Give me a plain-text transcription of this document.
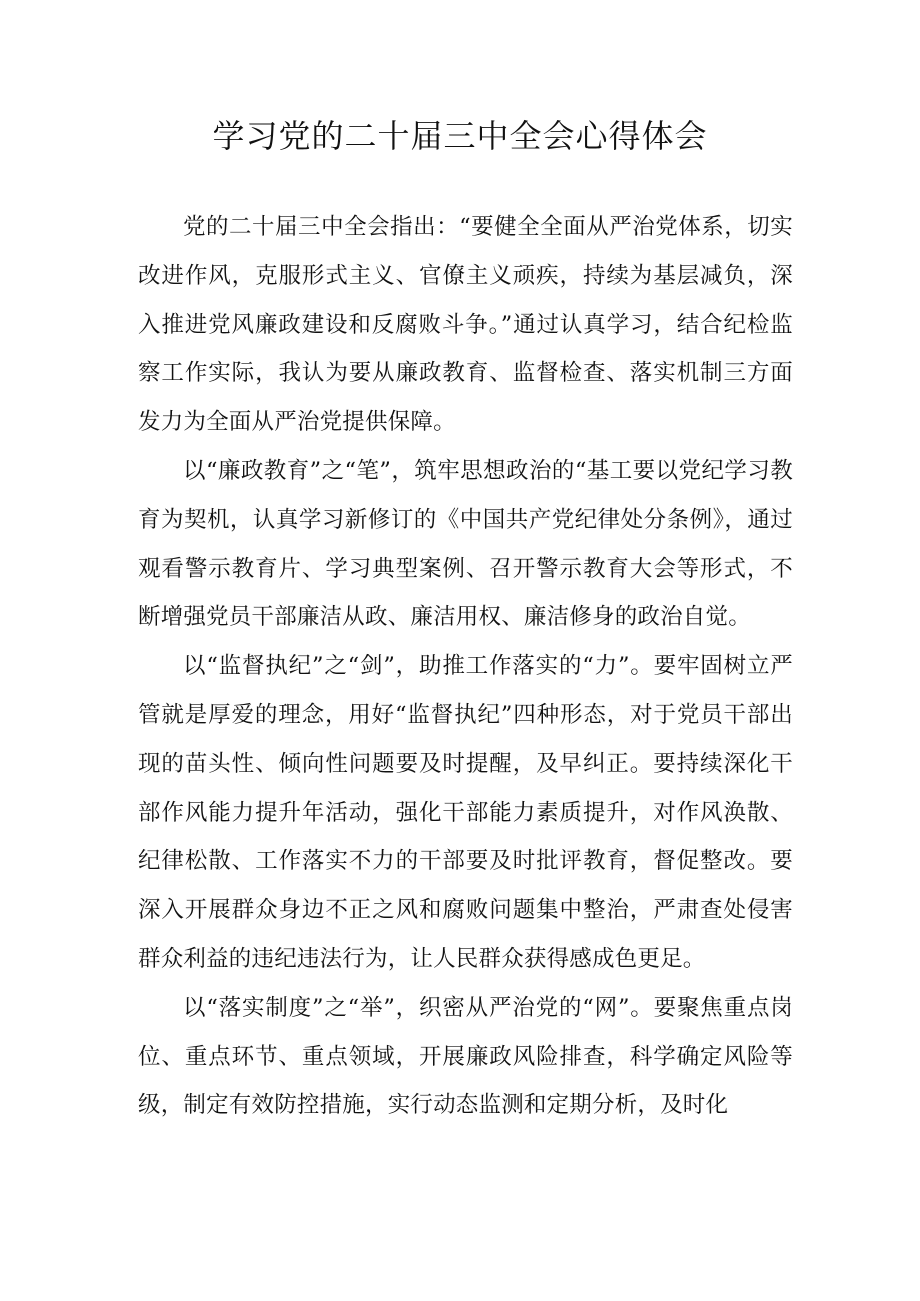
学习党的二十届三中全会心得体会

党的二十届三中全会指出：“要健全全面从严治党体系，切实改进作风，克服形式主义、官僚主义顽疾，持续为基层减负，深入推进党风廉政建设和反腐败斗争。”通过认真学习，结合纪检监察工作实际，我认为要从廉政教育、监督检查、落实机制三方面发力为全面从严治党提供保障。

以“廉政教育”之“笔”，筑牢思想政治的“基工要以党纪学习教育为契机，认真学习新修订的《中国共产党纪律处分条例》，通过观看警示教育片、学习典型案例、召开警示教育大会等形式，不断增强党员干部廉洁从政、廉洁用权、廉洁修身的政治自觉。

以“监督执纪”之“剑”，助推工作落实的“力”。要牢固树立严管就是厚爱的理念，用好“监督执纪”四种形态，对于党员干部出现的苗头性、倾向性问题要及时提醒，及早纠正。要持续深化干部作风能力提升年活动，强化干部能力素质提升，对作风涣散、纪律松散、工作落实不力的干部要及时批评教育，督促整改。要深入开展群众身边不正之风和腐败问题集中整治，严肃查处侵害群众利益的违纪违法行为，让人民群众获得感成色更足。

以“落实制度”之“举”，织密从严治党的“网”。要聚焦重点岗位、重点环节、重点领域，开展廉政风险排查，科学确定风险等级，制定有效防控措施，实行动态监测和定期分析，及时化
